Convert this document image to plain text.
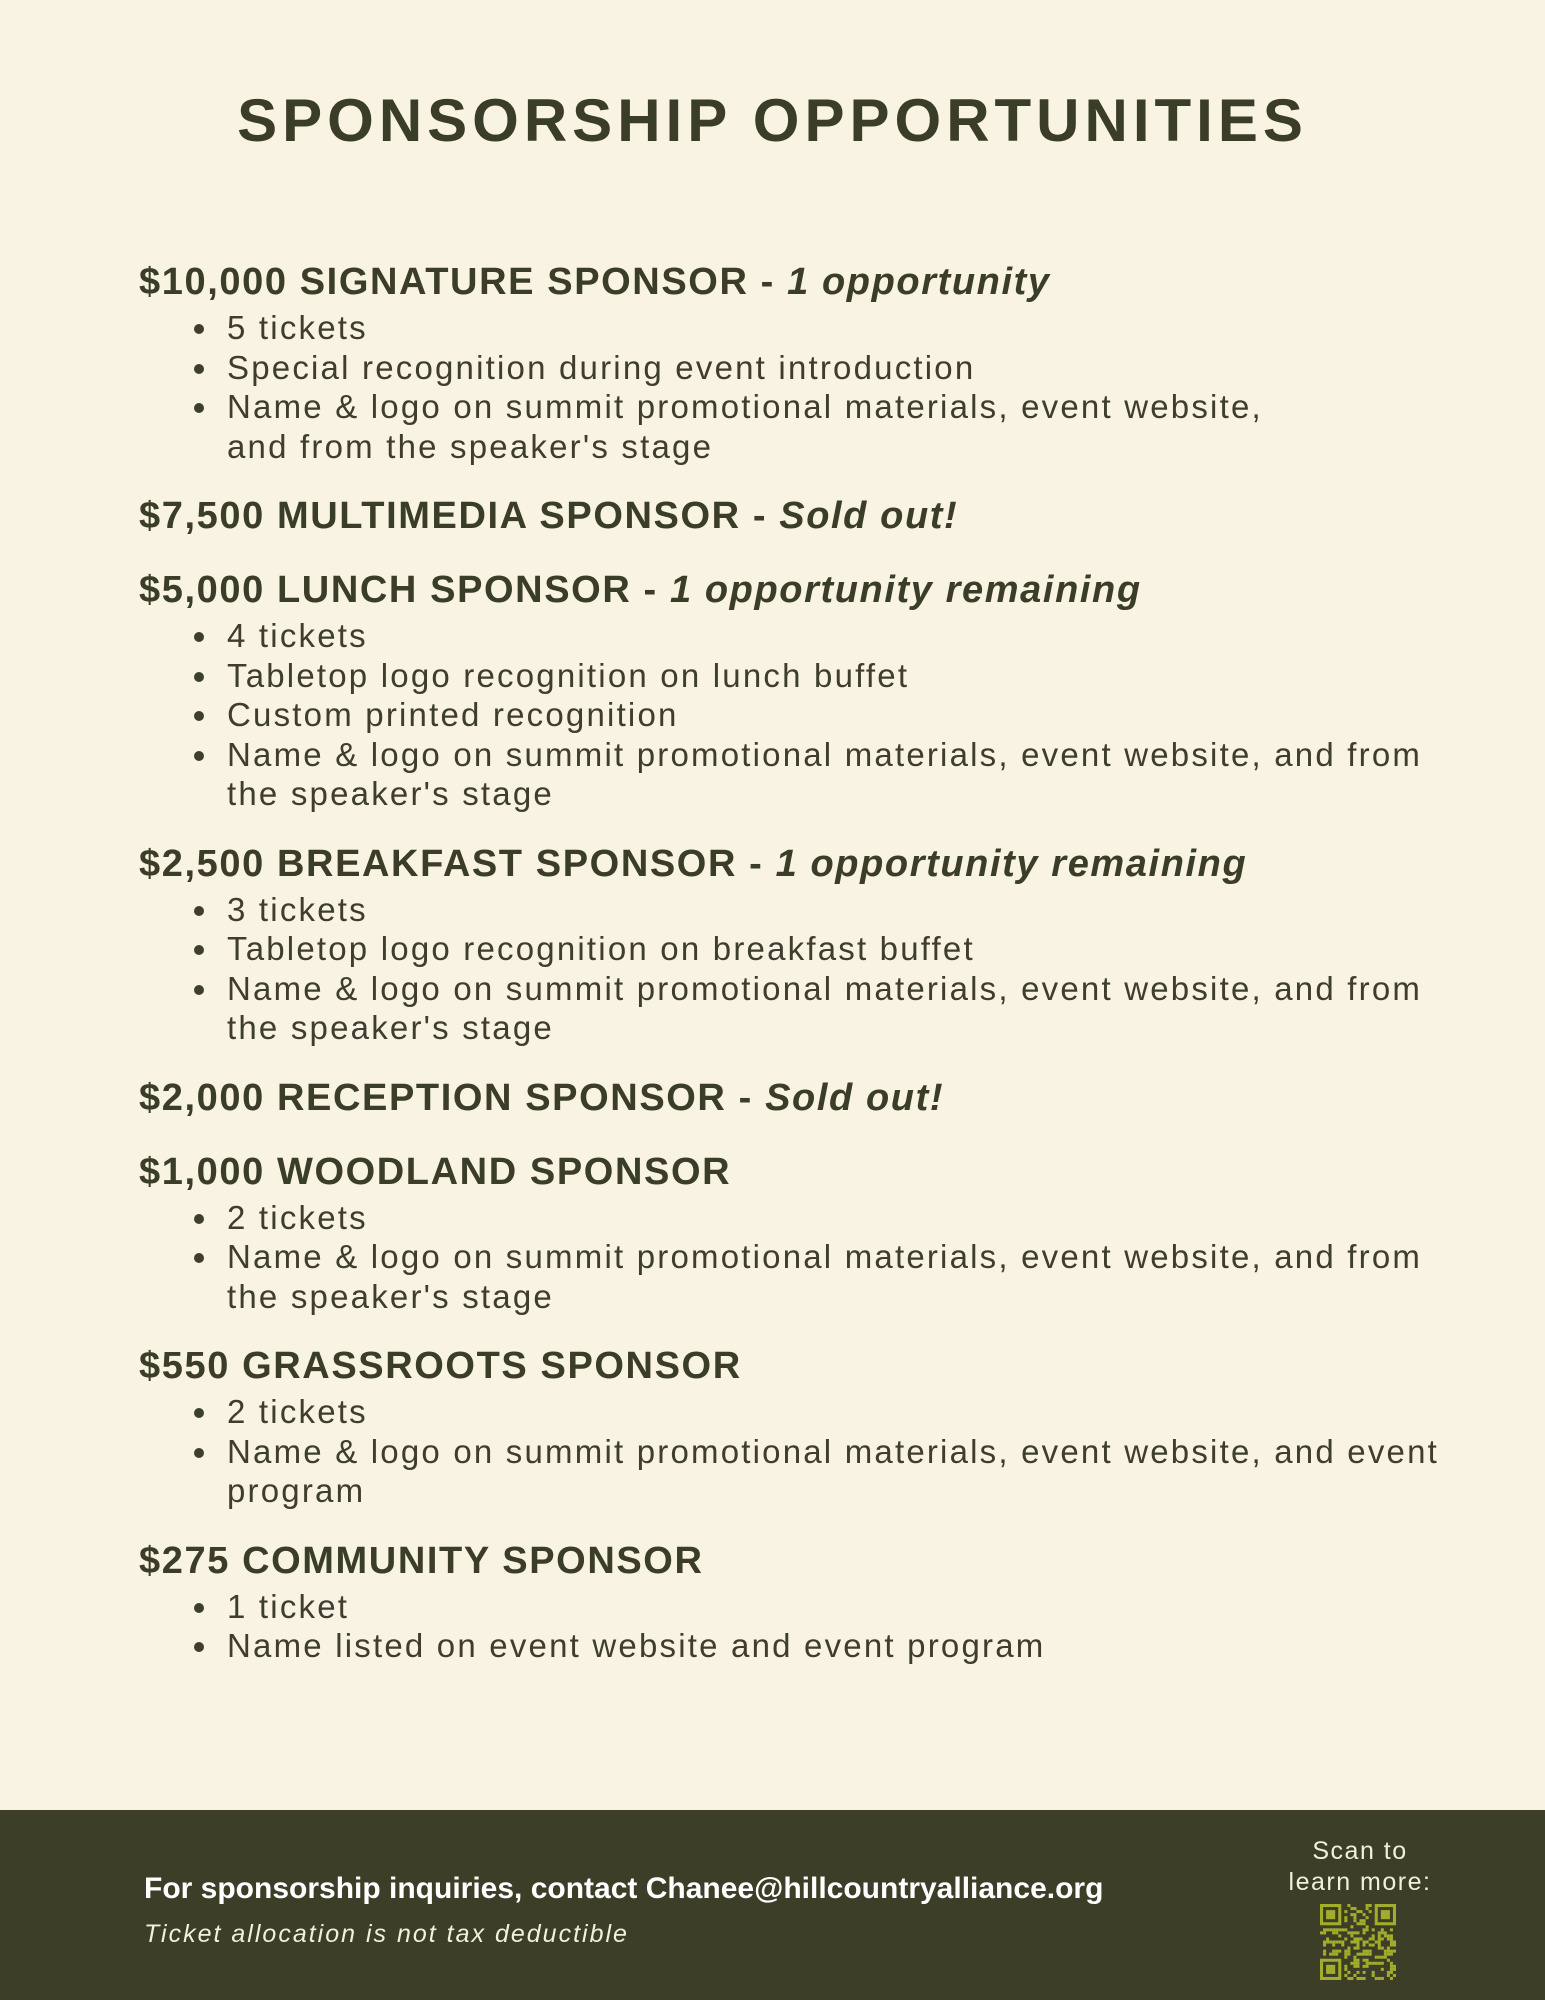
SPONSORSHIP OPPORTUNITIES
$10,000 SIGNATURE SPONSOR - 1 opportunity
5 tickets
Special recognition during event introduction
Name & logo on summit promotional materials, event website, and from the speaker's stage
$7,500 MULTIMEDIA SPONSOR - Sold out!
$5,000 LUNCH SPONSOR - 1 opportunity remaining
4 tickets
Tabletop logo recognition on lunch buffet
Custom printed recognition
Name & logo on summit promotional materials, event website, and from the speaker's stage
$2,500 BREAKFAST SPONSOR - 1 opportunity remaining
3 tickets
Tabletop logo recognition on breakfast buffet
Name & logo on summit promotional materials, event website, and from the speaker's stage
$2,000 RECEPTION SPONSOR - Sold out!
$1,000 WOODLAND SPONSOR
2 tickets
Name & logo on summit promotional materials, event website, and from the speaker's stage
$550 GRASSROOTS SPONSOR
2 tickets
Name & logo on summit promotional materials, event website, and event program
$275 COMMUNITY SPONSOR
1 ticket
Name listed on event website and event program
For sponsorship inquiries, contact Chanee@hillcountryalliance.org
Ticket allocation is not tax deductible
Scan to
learn more:
